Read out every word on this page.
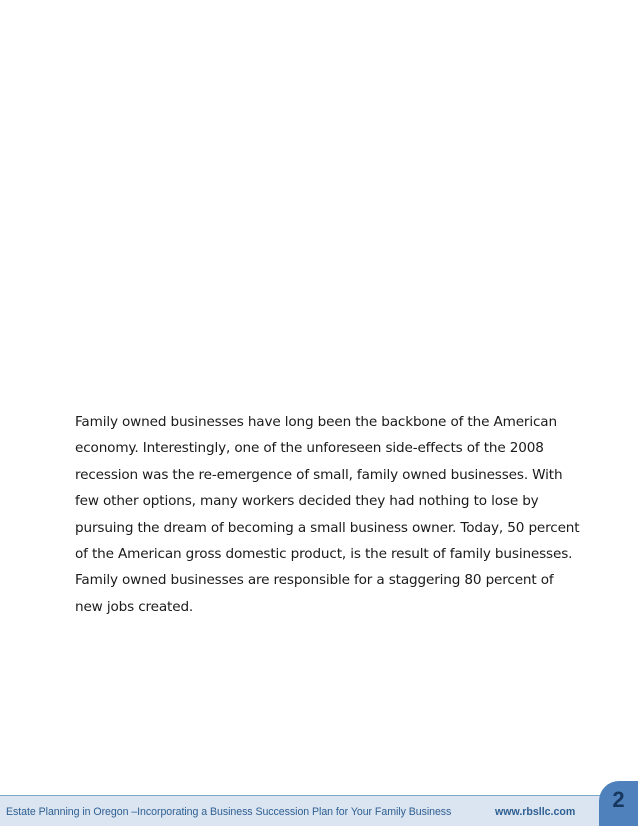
Family owned businesses have long been the backbone of the American
economy. Interestingly, one of the unforeseen side-effects of the 2008
recession was the re-emergence of small, family owned businesses. With
few other options, many workers decided they had nothing to lose by
pursuing the dream of becoming a small business owner. Today, 50 percent
of the American gross domestic product, is the result of family businesses.
Family owned businesses are responsible for a staggering 80 percent of
new jobs created.

Estate Planning in Oregon –Incorporating a Business Succession Plan for Your Family Business	www.rbsllc.com	2
